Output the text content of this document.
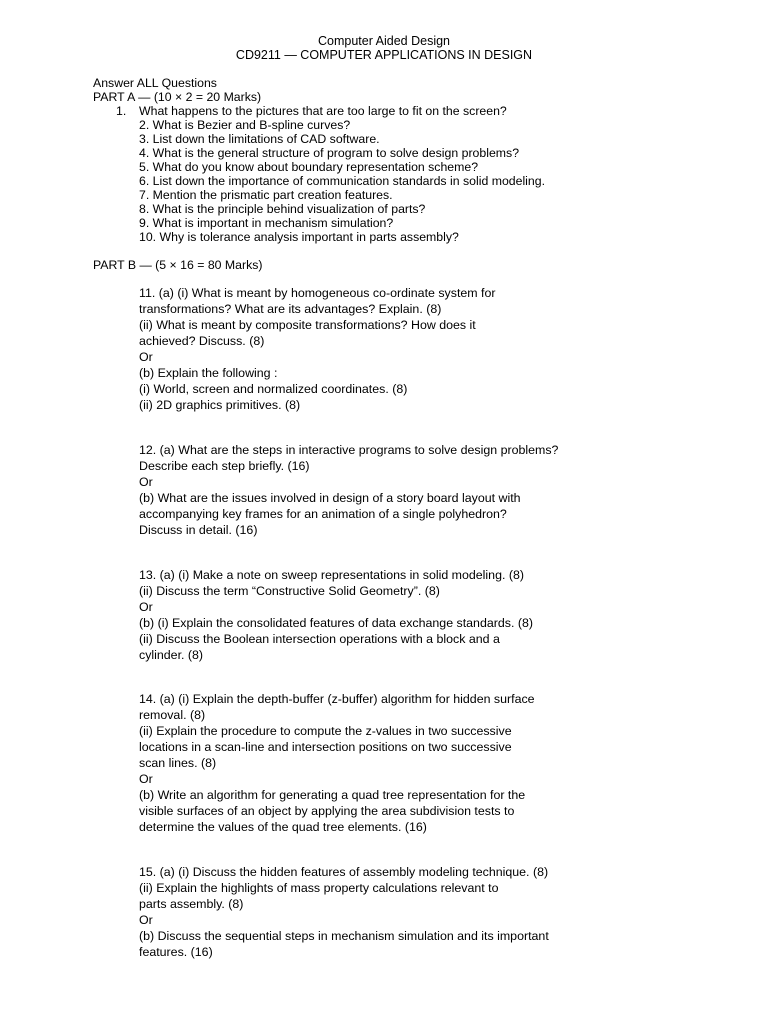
Computer Aided Design
CD9211 — COMPUTER APPLICATIONS IN DESIGN
Answer ALL Questions
PART A — (10 × 2 = 20 Marks)
1. What happens to the pictures that are too large to fit on the screen?
2. What is Bezier and B-spline curves?
3. List down the limitations of CAD software.
4. What is the general structure of program to solve design problems?
5. What do you know about boundary representation scheme?
6. List down the importance of communication standards in solid modeling.
7. Mention the prismatic part creation features.
8. What is the principle behind visualization of parts?
9. What is important in mechanism simulation?
10. Why is tolerance analysis important in parts assembly?
PART B — (5 × 16 = 80 Marks)
11. (a) (i) What is meant by homogeneous co-ordinate system for
transformations? What are its advantages? Explain. (8)
(ii) What is meant by composite transformations? How does it
achieved? Discuss. (8)
Or
(b) Explain the following :
(i) World, screen and normalized coordinates. (8)
(ii) 2D graphics primitives. (8)
12. (a) What are the steps in interactive programs to solve design problems?
Describe each step briefly. (16)
Or
(b) What are the issues involved in design of a story board layout with
accompanying key frames for an animation of a single polyhedron?
Discuss in detail. (16)
13. (a) (i) Make a note on sweep representations in solid modeling. (8)
(ii) Discuss the term “Constructive Solid Geometry”. (8)
Or
(b) (i) Explain the consolidated features of data exchange standards. (8)
(ii) Discuss the Boolean intersection operations with a block and a
cylinder. (8)
14. (a) (i) Explain the depth-buffer (z-buffer) algorithm for hidden surface
removal. (8)
(ii) Explain the procedure to compute the z-values in two successive
locations in a scan-line and intersection positions on two successive
scan lines. (8)
Or
(b) Write an algorithm for generating a quad tree representation for the
visible surfaces of an object by applying the area subdivision tests to
determine the values of the quad tree elements. (16)
15. (a) (i) Discuss the hidden features of assembly modeling technique. (8)
(ii) Explain the highlights of mass property calculations relevant to
parts assembly. (8)
Or
(b) Discuss the sequential steps in mechanism simulation and its important
features. (16)
